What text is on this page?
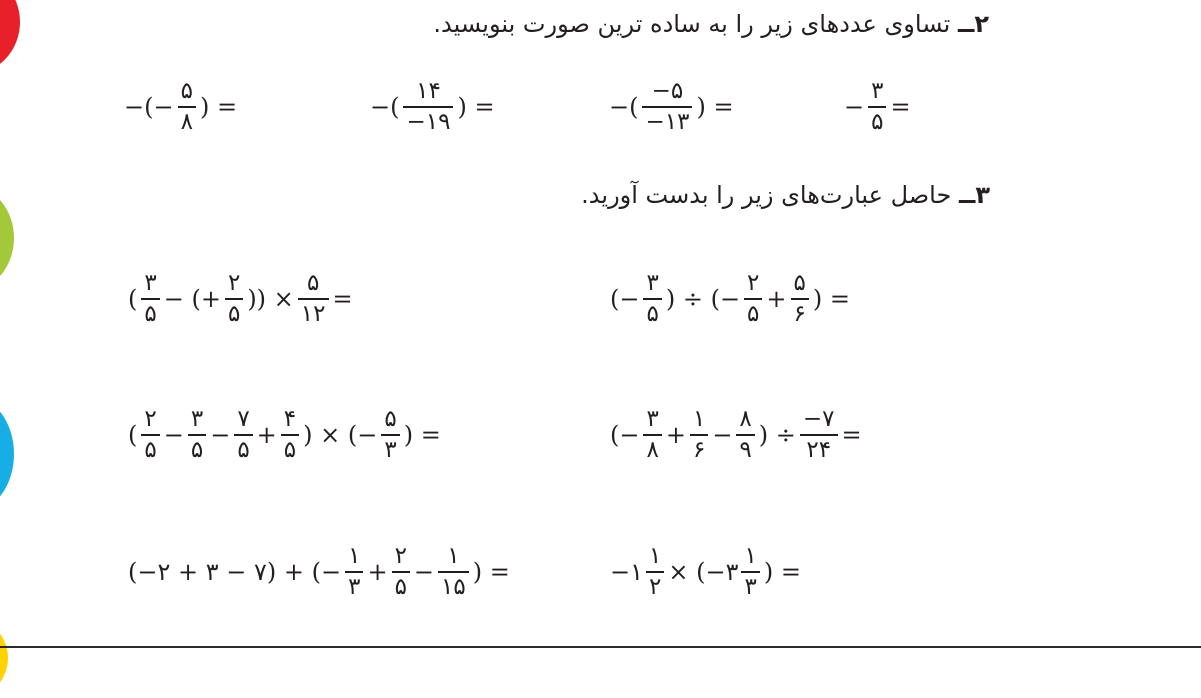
۲ــ تساوی عددهای زیر را به ساده ترین صورت بنویسید.
−(− $\frac{۵}{۸}$ ) =	−( $\frac{۱۴}{-۱۹}$ ) =	−( $\frac{-۵}{-۱۳}$ ) =	− $\frac{۳}{۵}$ =
۳ــ حاصل عبارت‌های زیر را بدست آورید.
( $\frac{۳}{۵}$ − (+ $\frac{۲}{۵}$ )) × $\frac{۵}{۱۲}$ =	(− $\frac{۳}{۵}$ ) ÷ (− $\frac{۲}{۵} + \frac{۵}{۶}$ ) =
( $\frac{۲}{۵} - \frac{۳}{۵} - \frac{۷}{۵} + \frac{۴}{۵}$ ) × (− $\frac{۵}{۳}$ ) =	(− $\frac{۳}{۸} + \frac{۱}{۶} - \frac{۸}{۹}$ ) ÷ $\frac{-۷}{۲۴}$ =
(−۲ + ۳ − ۷) + (− $\frac{۱}{۳} + \frac{۲}{۵} - \frac{۱}{۱۵}$ ) =	−۱ $\frac{۱}{۲}$ × (−۳ $\frac{۱}{۳}$ ) =
